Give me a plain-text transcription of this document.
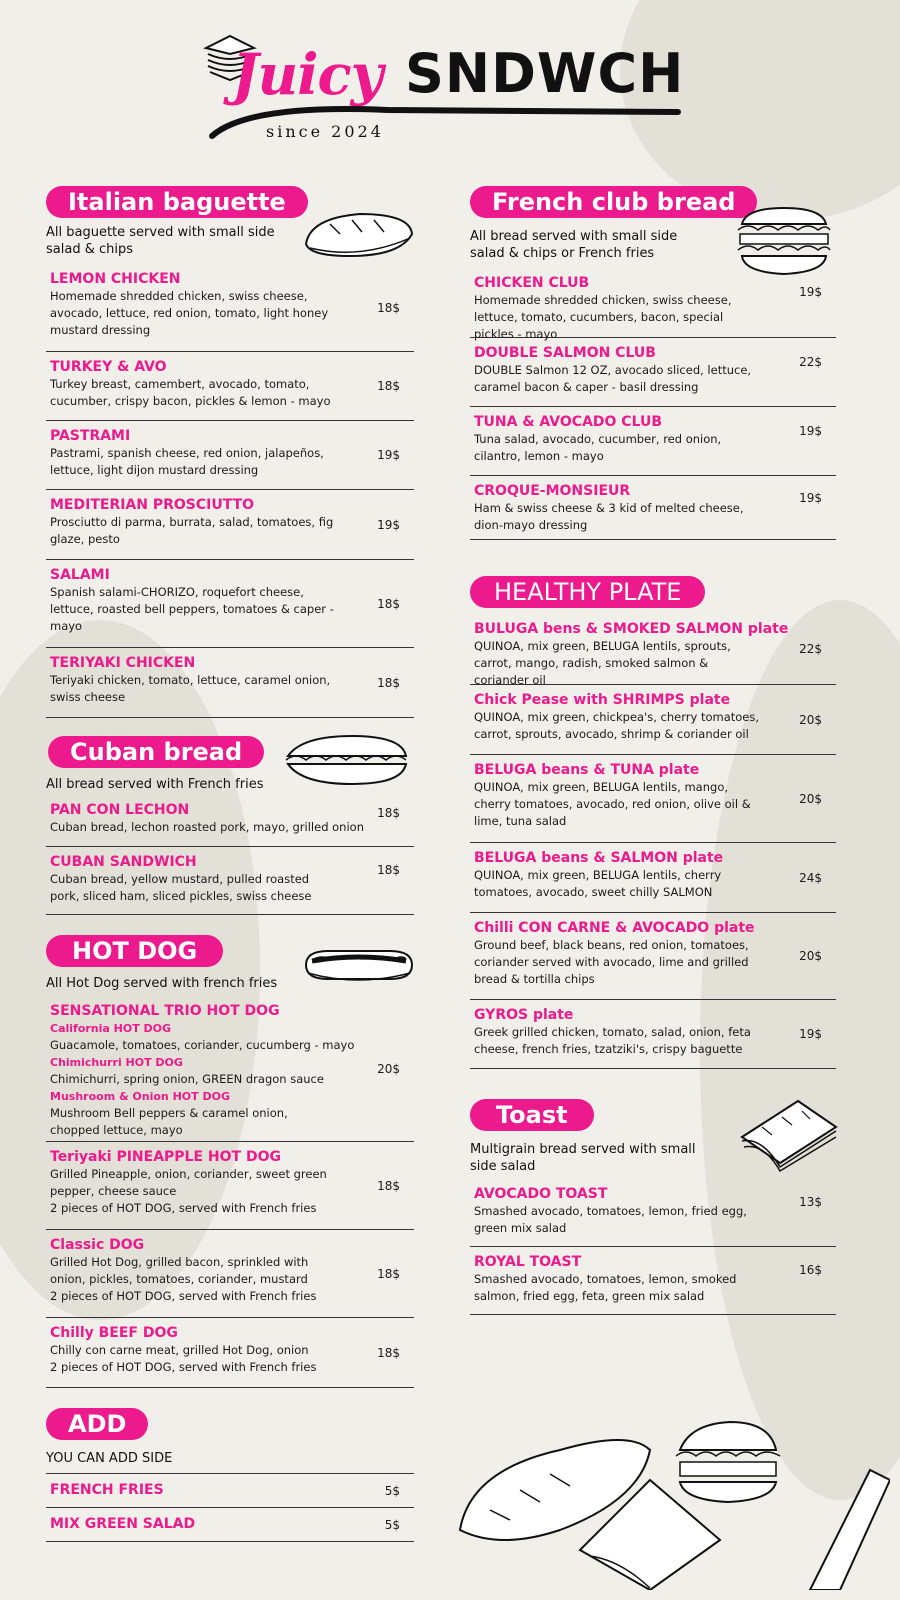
Juicy SNDWCH
since 2024
Italian baguette
All baguette served with small side salad & chips
LEMON CHICKEN
Homemade shredded chicken, swiss cheese, avocado, lettuce, red onion, tomato, light honey mustard dressing
18$
TURKEY & AVO
Turkey breast, camembert, avocado, tomato, cucumber, crispy bacon, pickles & lemon - mayo
18$
PASTRAMI
Pastrami, spanish cheese, red onion, jalapeños, lettuce, light dijon mustard dressing
19$
MEDITERIAN PROSCIUTTO
Prosciutto di parma, burrata, salad, tomatoes, fig glaze, pesto
19$
SALAMI
Spanish salami-CHORIZO, roquefort cheese, lettuce, roasted bell peppers, tomatoes & caper - mayo
18$
TERIYAKI CHICKEN
Teriyaki chicken, tomato, lettuce, caramel onion, swiss cheese
18$
Cuban bread
All bread served with French fries
PAN CON LECHON
Cuban bread, lechon roasted pork, mayo, grilled onion
18$
CUBAN SANDWICH
Cuban bread, yellow mustard, pulled roasted pork, sliced ham, sliced pickles, swiss cheese
18$
HOT DOG
All Hot Dog served with french fries
SENSATIONAL TRIO HOT DOG
California HOT DOG
Guacamole, tomatoes, coriander, cucumberg - mayo
Chimichurri HOT DOG
Chimichurri, spring onion, GREEN dragon sauce
Mushroom & Onion HOT DOG
Mushroom Bell peppers & caramel onion, chopped lettuce, mayo
20$
Teriyaki PINEAPPLE HOT DOG
Grilled Pineapple, onion, coriander, sweet green pepper, cheese sauce
2 pieces of HOT DOG, served with French fries
18$
Classic DOG
Grilled Hot Dog, grilled bacon, sprinkled with onion, pickles, tomatoes, coriander, mustard
2 pieces of HOT DOG, served with French fries
18$
Chilly BEEF DOG
Chilly con carne meat, grilled Hot Dog, onion
2 pieces of HOT DOG, served with French fries
18$
ADD
YOU CAN ADD SIDE
FRENCH FRIES	5$
MIX GREEN SALAD	5$
French club bread
All bread served with small side salad & chips or French fries
CHICKEN CLUB
Homemade shredded chicken, swiss cheese, lettuce, tomato, cucumbers, bacon, special pickles - mayo
19$
DOUBLE SALMON CLUB
DOUBLE Salmon 12 OZ, avocado sliced, lettuce, caramel bacon & caper - basil dressing
22$
TUNA & AVOCADO CLUB
Tuna salad, avocado, cucumber, red onion, cilantro, lemon - mayo
19$
CROQUE-MONSIEUR
Ham & swiss cheese & 3 kid of melted cheese, dion-mayo dressing
19$
HEALTHY PLATE
BULUGA bens & SMOKED SALMON plate
QUINOA, mix green, BELUGA lentils, sprouts, carrot, mango, radish, smoked salmon & coriander oil
22$
Chick Pease with SHRIMPS plate
QUINOA, mix green, chickpea's, cherry tomatoes, carrot, sprouts, avocado, shrimp & coriander oil
20$
BELUGA beans & TUNA plate
QUINOA, mix green, BELUGA lentils, mango, cherry tomatoes, avocado, red onion, olive oil & lime, tuna salad
20$
BELUGA beans & SALMON plate
QUINOA, mix green, BELUGA lentils, cherry tomatoes, avocado, sweet chilly SALMON
24$
Chilli CON CARNE & AVOCADO plate
Ground beef, black beans, red onion, tomatoes, coriander served with avocado, lime and grilled bread & tortilla chips
20$
GYROS plate
Greek grilled chicken, tomato, salad, onion, feta cheese, french fries, tzatziki's, crispy baguette
19$
Toast
Multigrain bread served with small side salad
AVOCADO TOAST
Smashed avocado, tomatoes, lemon, fried egg, green mix salad
13$
ROYAL TOAST
Smashed avocado, tomatoes, lemon, smoked salmon, fried egg, feta, green mix salad
16$
